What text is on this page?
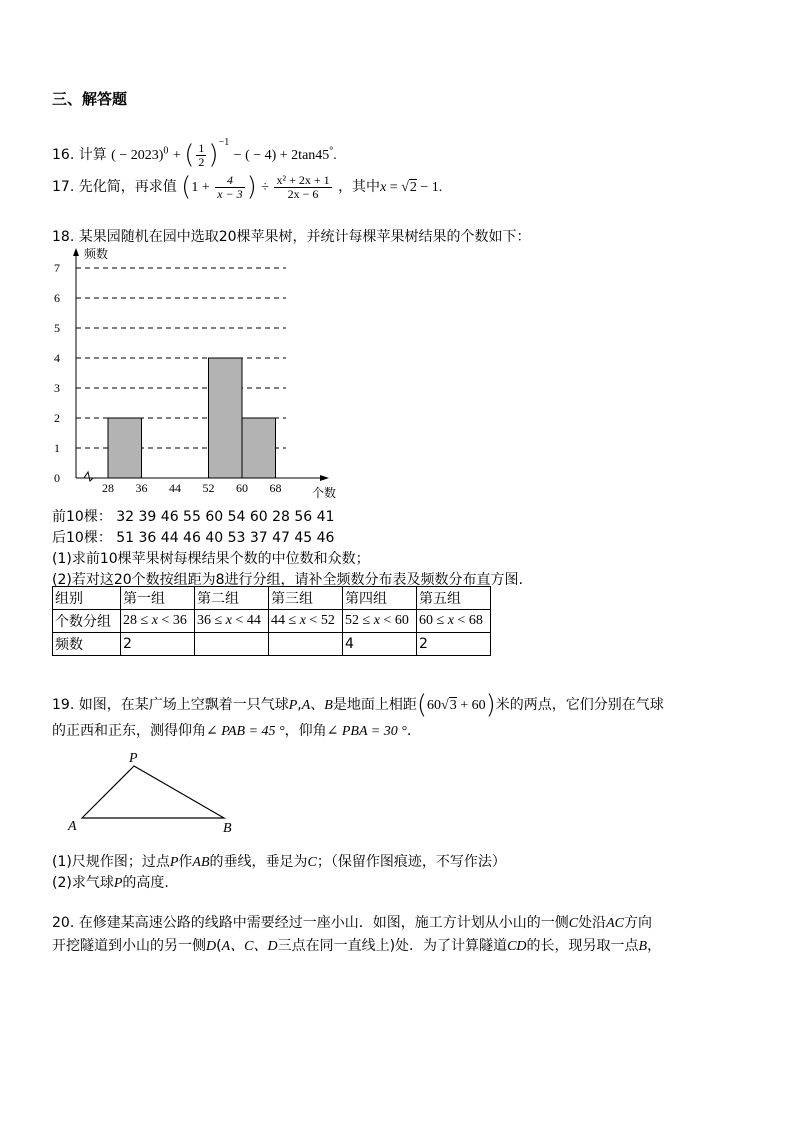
三、解答题
16. 计算 ( − 2023)$^0$ + ( $\frac{1}{2} )^{-1}$ − ( − 4) + 2tan45°.
17. 先化简，再求值 ($1 + \frac{4}{x - 3}$ ) ÷ $\frac{\text{x² + 2x + 1}}{2x - 6}$ ，其中x = √2 − 1.
18. 某果园随机在园中选取20棵苹果树，并统计每棵苹果树结果的个数如下：
0
1
2
3
4
5
6
7
28 36 44 52 60 68
频数
个数
前10棵： 32 39 46 55 60 54 60 28 56 41
后10棵： 51 36 44 46 40 53 37 47 45 46
(1)求前10棵苹果树每棵结果个数的中位数和众数；
(2)若对这20个数按组距为8进行分组，请补全频数分布表及频数分布直方图.
组别	第一组	第二组	第三组	第四组	第五组
个数分组	28 ≤ x < 36	36 ≤ x < 44	44 ≤ x < 52	52 ≤ x < 60	60 ≤ x < 68
频数	2			4	2
19. 如图，在某广场上空飘着一只气球P,A、B是地面上相距(60√3 + 60)米的两点，它们分别在气球
的正西和正东，测得仰角∠ PAB = 45 °，仰角∠ PBA = 30 °.
P
A	B
(1)尺规作图；过点P作AB的垂线，垂足为C；（保留作图痕迹，不写作法）
(2)求气球P的高度.
20. 在修建某高速公路的线路中需要经过一座小山．如图，施工方计划从小山的一侧C处沿AC方向
开挖隧道到小山的另一侧D(A、C、D三点在同一直线上)处．为了计算隧道CD的长，现另取一点B，
